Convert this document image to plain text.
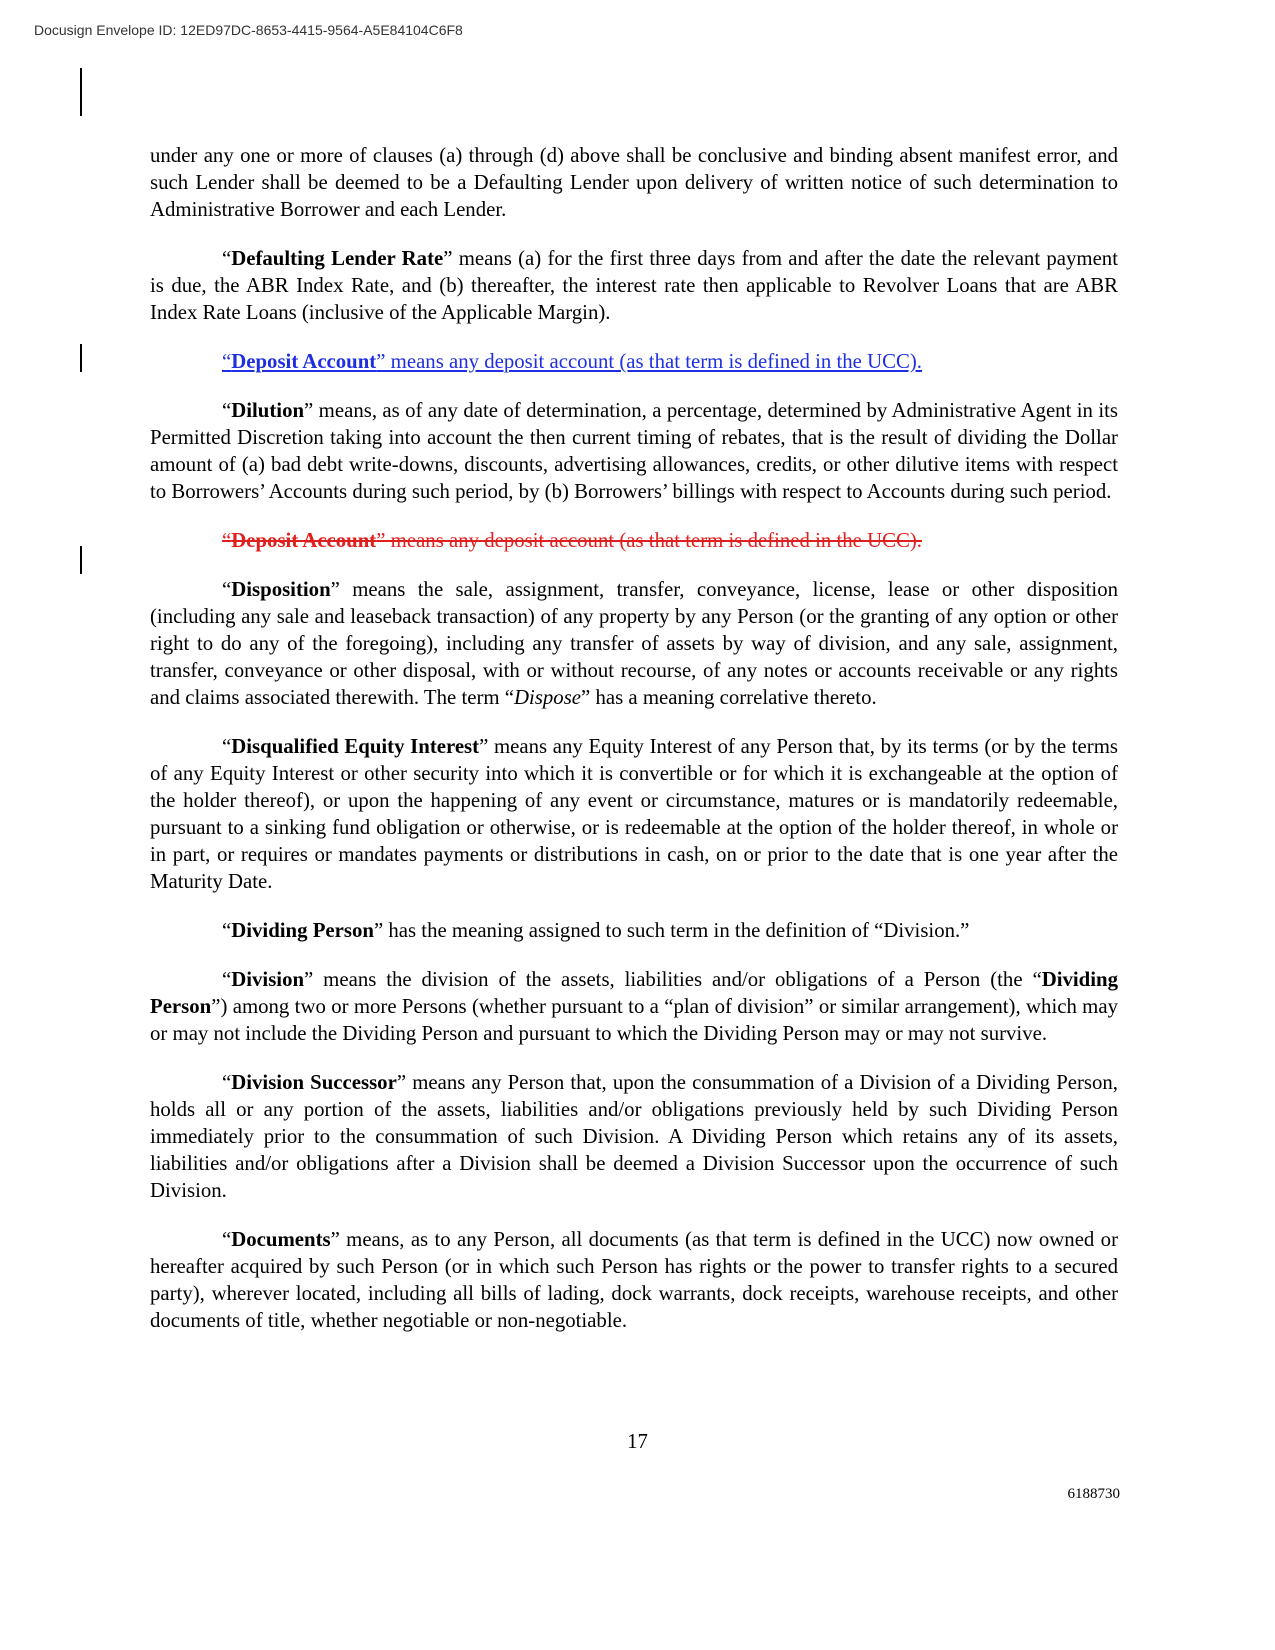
Docusign Envelope ID: 12ED97DC-8653-4415-9564-A5E84104C6F8

under any one or more of clauses (a) through (d) above shall be conclusive and binding absent manifest error, and such Lender shall be deemed to be a Defaulting Lender upon delivery of written notice of such determination to Administrative Borrower and each Lender.

“Defaulting Lender Rate” means (a) for the first three days from and after the date the relevant payment is due, the ABR Index Rate, and (b) thereafter, the interest rate then applicable to Revolver Loans that are ABR Index Rate Loans (inclusive of the Applicable Margin).

“Deposit Account” means any deposit account (as that term is defined in the UCC).

“Dilution” means, as of any date of determination, a percentage, determined by Administrative Agent in its Permitted Discretion taking into account the then current timing of rebates, that is the result of dividing the Dollar amount of (a) bad debt write-downs, discounts, advertising allowances, credits, or other dilutive items with respect to Borrowers’ Accounts during such period, by (b) Borrowers’ billings with respect to Accounts during such period.

“Deposit Account” means any deposit account (as that term is defined in the UCC).

“Disposition” means the sale, assignment, transfer, conveyance, license, lease or other disposition (including any sale and leaseback transaction) of any property by any Person (or the granting of any option or other right to do any of the foregoing), including any transfer of assets by way of division, and any sale, assignment, transfer, conveyance or other disposal, with or without recourse, of any notes or accounts receivable or any rights and claims associated therewith. The term “Dispose” has a meaning correlative thereto.

“Disqualified Equity Interest” means any Equity Interest of any Person that, by its terms (or by the terms of any Equity Interest or other security into which it is convertible or for which it is exchangeable at the option of the holder thereof), or upon the happening of any event or circumstance, matures or is mandatorily redeemable, pursuant to a sinking fund obligation or otherwise, or is redeemable at the option of the holder thereof, in whole or in part, or requires or mandates payments or distributions in cash, on or prior to the date that is one year after the Maturity Date.

“Dividing Person” has the meaning assigned to such term in the definition of “Division.”

“Division” means the division of the assets, liabilities and/or obligations of a Person (the “Dividing Person”) among two or more Persons (whether pursuant to a “plan of division” or similar arrangement), which may or may not include the Dividing Person and pursuant to which the Dividing Person may or may not survive.

“Division Successor” means any Person that, upon the consummation of a Division of a Dividing Person, holds all or any portion of the assets, liabilities and/or obligations previously held by such Dividing Person immediately prior to the consummation of such Division. A Dividing Person which retains any of its assets, liabilities and/or obligations after a Division shall be deemed a Division Successor upon the occurrence of such Division.

“Documents” means, as to any Person, all documents (as that term is defined in the UCC) now owned or hereafter acquired by such Person (or in which such Person has rights or the power to transfer rights to a secured party), wherever located, including all bills of lading, dock warrants, dock receipts, warehouse receipts, and other documents of title, whether negotiable or non-negotiable.

17
6188730
